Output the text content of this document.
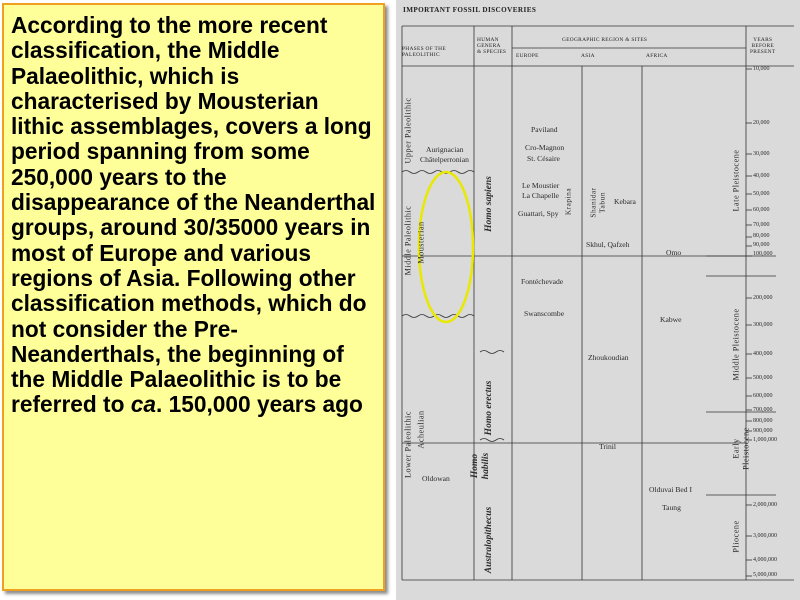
According to the more recent classification, the Middle Palaeolithic, which is characterised by Mousterian lithic assemblages, covers a long period spanning from some 250,000 years to the disappearance of the Neanderthal groups, around 30/35000 years in most of Europe and various regions of Asia. Following other classification methods, which do not consider the Pre-Neanderthals, the beginning of the Middle Palaeolithic is to be referred to ca. 150,000 years ago
IMPORTANT FOSSIL DISCOVERIES
PHASES OF THE
PALEOLITHIC
HUMAN
GENERA
& SPECIES
GEOGRAPHIC REGION & SITES
EUROPE	ASIA	AFRICA
YEARS
BEFORE
PRESENT
Upper Paleolithic
Middle Paleolithic Mousterian
Lower Paleolithic Acheulian
Aurignacian
Châtelperronian
Oldowan
Homo sapiens
Homo erectus
Homo habilis
Australopithecus
Paviland
Cro-Magnon
St. Césaire
Le Moustier
La Chapelle
Guattari, Spy Krapina
Fontéchevade
Swanscombe
Shanidar Tabun Kebara
Skhul, Qafzeh
Zhoukoudian
Trinil
Omo
Kabwe
Olduvai Bed I
Taung
Late Pleistocene
Middle Pleistocene
Early Pleistocene
Pliocene
10,000
20,000
30,000
40,000
50,000
60,000
70,000
80,000
90,000
100,000
200,000
300,000
400,000
500,000
600,000
700,000
800,000
900,000
1,000,000
2,000,000
3,000,000
4,000,000
5,000,000
